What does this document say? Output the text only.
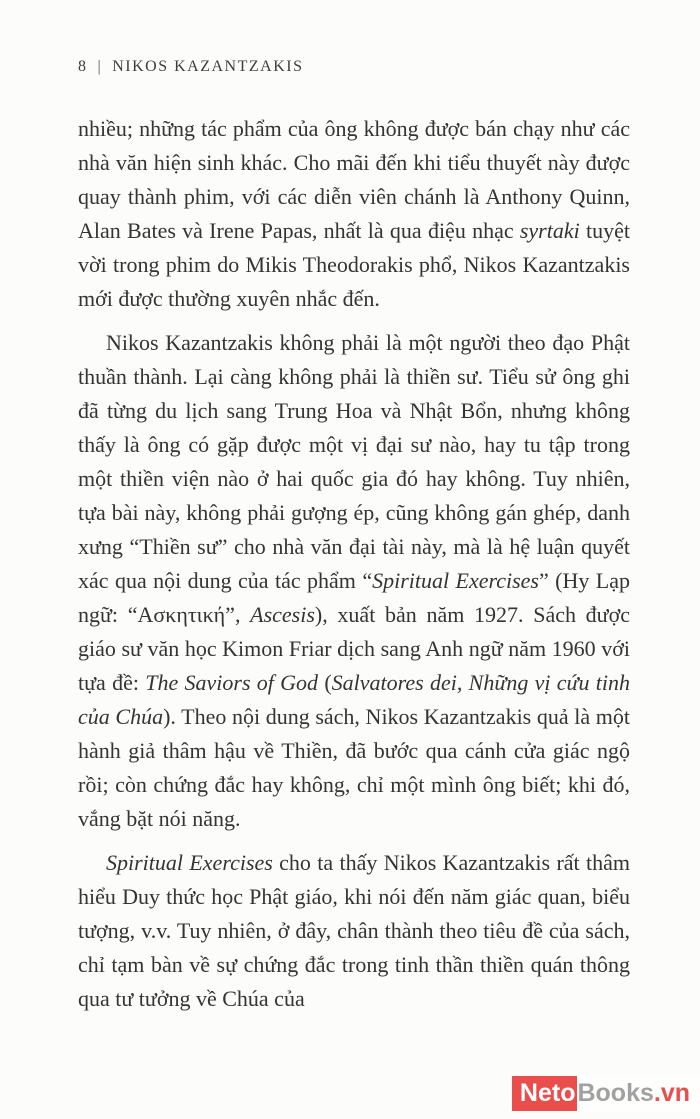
8 | NIKOS KAZANTZAKIS

nhiều; những tác phẩm của ông không được bán chạy như các nhà văn hiện sinh khác. Cho mãi đến khi tiểu thuyết này được quay thành phim, với các diễn viên chánh là Anthony Quinn, Alan Bates và Irene Papas, nhất là qua điệu nhạc syrtaki tuyệt vời trong phim do Mikis Theodorakis phổ, Nikos Kazantzakis mới được thường xuyên nhắc đến.

Nikos Kazantzakis không phải là một người theo đạo Phật thuần thành. Lại càng không phải là thiền sư. Tiểu sử ông ghi đã từng du lịch sang Trung Hoa và Nhật Bổn, nhưng không thấy là ông có gặp được một vị đại sư nào, hay tu tập trong một thiền viện nào ở hai quốc gia đó hay không. Tuy nhiên, tựa bài này, không phải gượng ép, cũng không gán ghép, danh xưng “Thiền sư” cho nhà văn đại tài này, mà là hệ luận quyết xác qua nội dung của tác phẩm “Spiritual Exercises” (Hy Lạp ngữ: “Ασκητική”, Ascesis), xuất bản năm 1927. Sách được giáo sư văn học Kimon Friar dịch sang Anh ngữ năm 1960 với tựa đề: The Saviors of God (Salvatores dei, Những vị cứu tinh của Chúa). Theo nội dung sách, Nikos Kazantzakis quả là một hành giả thâm hậu về Thiền, đã bước qua cánh cửa giác ngộ rồi; còn chứng đắc hay không, chỉ một mình ông biết; khi đó, vắng bặt nói năng.

Spiritual Exercises cho ta thấy Nikos Kazantzakis rất thâm hiểu Duy thức học Phật giáo, khi nói đến năm giác quan, biểu tượng, v.v. Tuy nhiên, ở đây, chân thành theo tiêu đề của sách, chỉ tạm bàn về sự chứng đắc trong tinh thần thiền quán thông qua tư tưởng về Chúa của

Neto Books .vn
